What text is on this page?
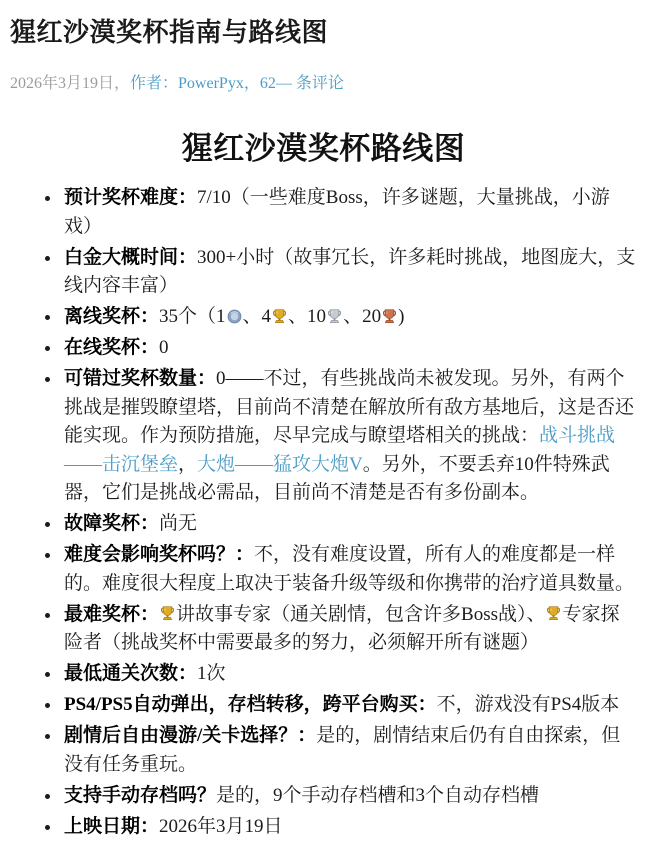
猩红沙漠奖杯指南与路线图
2026年3月19日，作者：PowerPyx，62— 条评论
猩红沙漠奖杯路线图
• 预计奖杯难度：7/10（一些难度Boss，许多谜题，大量挑战，小游戏）
• 白金大概时间：300+小时（故事冗长，许多耗时挑战，地图庞大，支线内容丰富）
• 离线奖杯：35个（1 、4 、10 、20 )
• 在线奖杯：0
• 可错过奖杯数量：0——不过，有些挑战尚未被发现。另外，有两个挑战是摧毁瞭望塔，目前尚不清楚在解放所有敌方基地后，这是否还能实现。作为预防措施，尽早完成与瞭望塔相关的挑战：战斗挑战——击沉堡垒，大炮——猛攻大炮V。另外，不要丢弃10件特殊武器，它们是挑战必需品，目前尚不清楚是否有多份副本。
• 故障奖杯：尚无
• 难度会影响奖杯吗？：不，没有难度设置，所有人的难度都是一样的。难度很大程度上取决于装备升级等级和你携带的治疗道具数量。
• 最难奖杯： 讲故事专家（通关剧情，包含许多Boss战）、 专家探险者（挑战奖杯中需要最多的努力，必须解开所有谜题）
• 最低通关次数：1次
• PS4/PS5自动弹出，存档转移，跨平台购买：不，游戏没有PS4版本
• 剧情后自由漫游/关卡选择？：是的，剧情结束后仍有自由探索，但没有任务重玩。
• 支持手动存档吗？是的，9个手动存档槽和3个自动存档槽
• 上映日期：2026年3月19日
